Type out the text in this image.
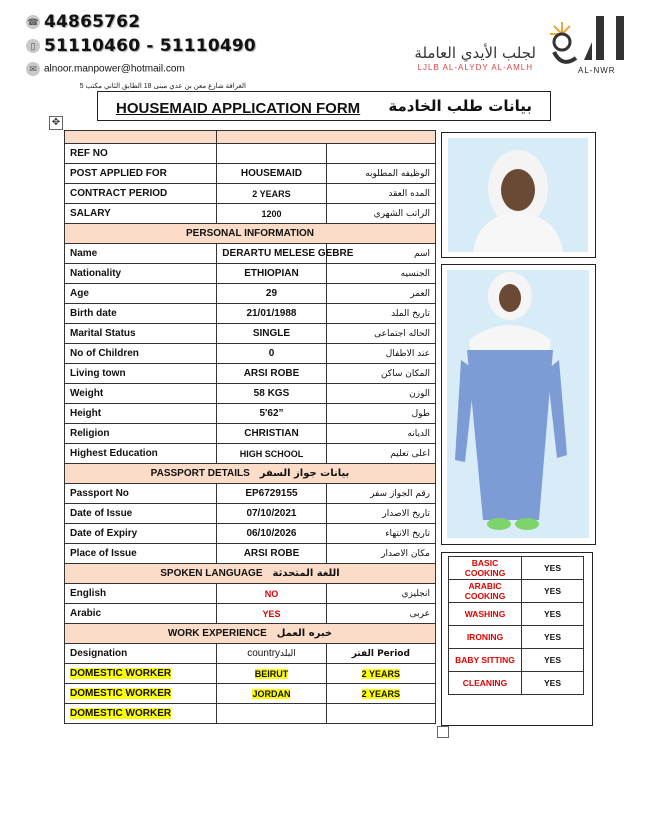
☎ 44865762
▯ 51110460 - 51110490
✉ alnoor.manpower@hotmail.com
الغرافة شارع معن بن عدي مبنى 18 الطابق الثاني مكتب 5
لجلب الأيدي العاملة
LJLB AL-ALYDY AL-AMLH	AL-NWR
HOUSEMAID APPLICATION FORM بيانات طلب الخادمة
✥

REF NO		
POST APPLIED FOR	HOUSEMAID	الوظيفه المطلوبه
CONTRACT PERIOD	2 YEARS	المده العقد
SALARY	1200	الراتب الشهري
PERSONAL INFORMATION		
Name	DERARTU MELESE GEBRE	اسم
Nationality	ETHIOPIAN	الجنسيه
Age	29	العمر
Birth date	21/01/1988	تاريخ الملد
Marital Status	SINGLE	الحاله اجتماعى
No of Children	0	عند الاطفال
Living town	ARSI ROBE	المكان ساكن
Weight	58 KGS	الوزن
Height	5'62”	طول
Religion	CHRISTIAN	الديانه
Highest Education	HIGH SCHOOL	اعلى تعليم
PASSPORT DETAILS بيانات جواز السفر		
Passport No	EP6729155	رقم الجواز سفر
Date of Issue	07/10/2021	تاريخ الاصدار
Date of Expiry	06/10/2026	تاريخ الانتهاء
Place of Issue	ARSI ROBE	مكان الاصدار
SPOKEN LANGUAGE اللغة المتحدثة		
English	NO	انجليزي
Arabic	YES	عربى
WORK EXPERIENCE خبره العمل		
Designation	countryالبلد	الفتر Period
DOMESTIC WORKER	BEIRUT	2 YEARS
DOMESTIC WORKER	JORDAN	2 YEARS
DOMESTIC WORKER		
BASIC COOKING	YES
ARABIC COOKING	YES
WASHING	YES
IRONING	YES
BABY SITTING	YES
CLEANING	YES
